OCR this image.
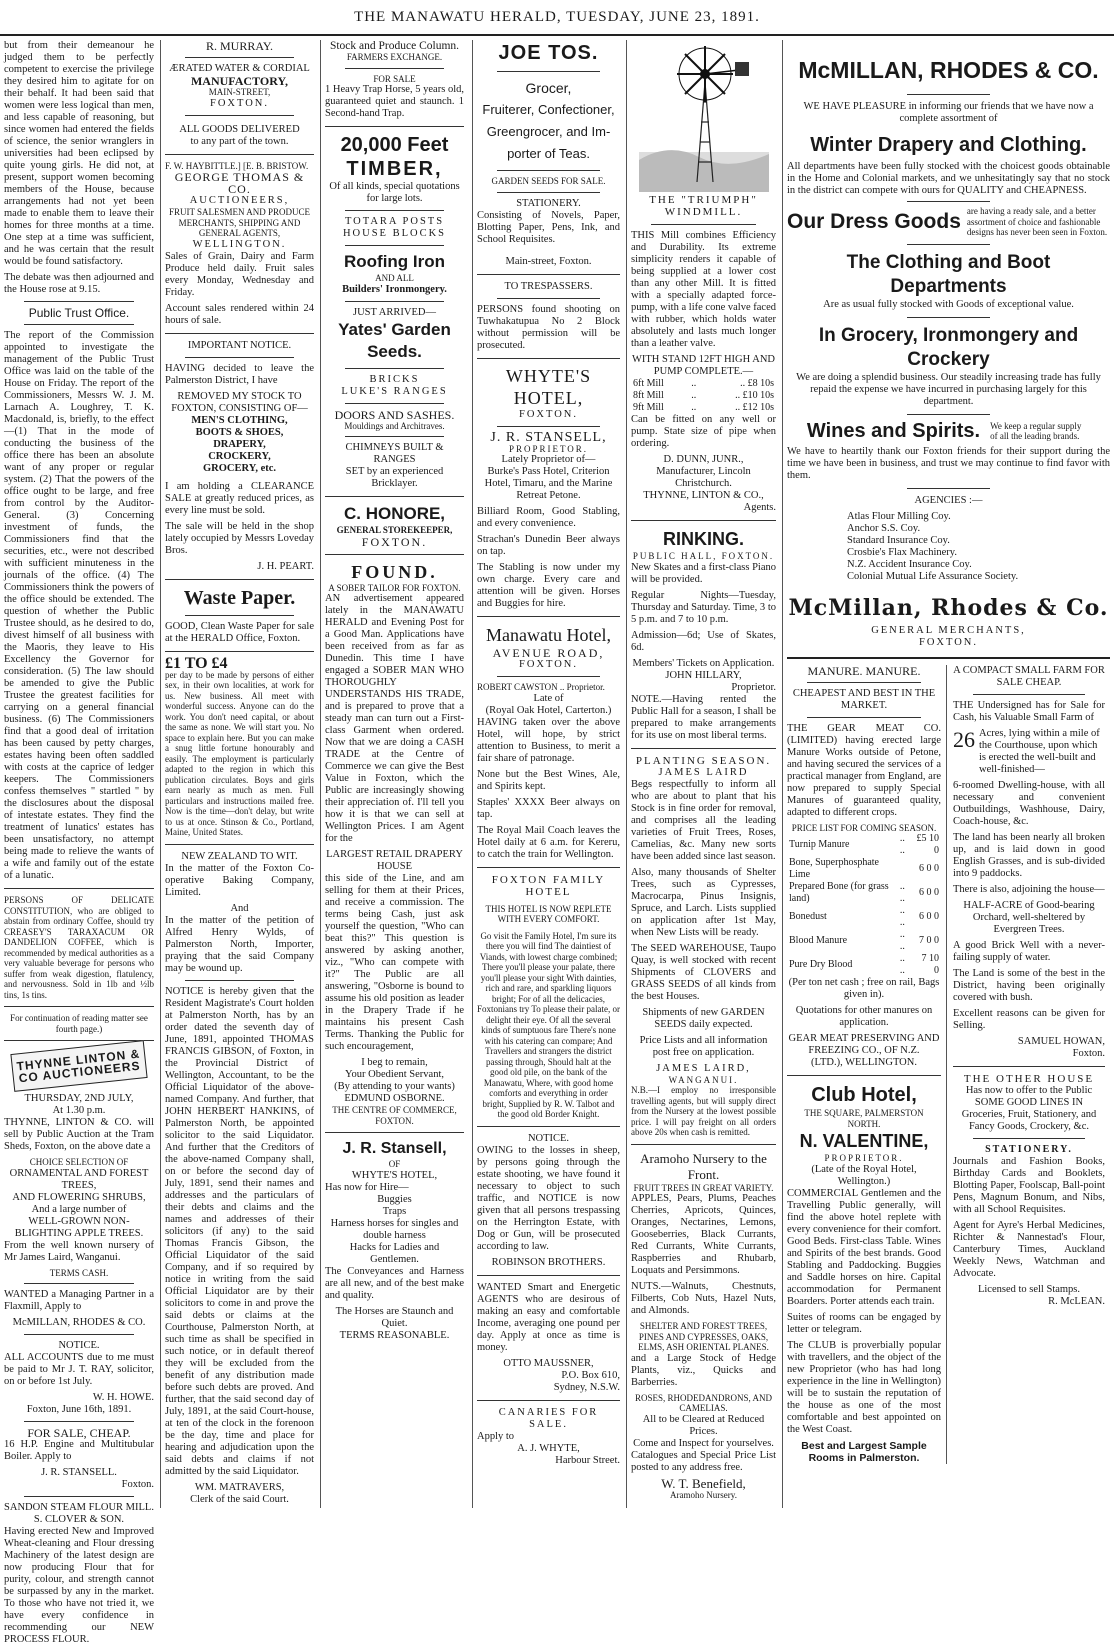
THE MANAWATU HERALD, TUESDAY, JUNE 23, 1891.

but from their demeanour he judged them to be perfectly competent to exercise the privilege they desired him to agitate for on their behalf. It had been said that women were less logical than men, and less capable of reasoning, but since women had entered the fields of science, the senior wranglers in universities had been eclipsed by quite young girls. He did not, at present, support women becoming members of the House, because arrangements had not yet been made to enable them to leave their homes for three months at a time. One step at a time was sufficient, and he was certain that the result would be found satisfactory.

The debate was then adjourned and the House rose at 9.15.

Public Trust Office.

The report of the Commission appointed to investigate the management of the Public Trust Office was laid on the table of the House on Friday. The report of the Commissioners, Messrs W. J. M. Larnach A. Loughrey, T. K. Macdonald, is, briefly, to the effect—(1) That in the mode of conducting the business of the office there has been an absolute want of any proper or regular system. (2) That the powers of the office ought to be large, and free from control by the Auditor-General. (3) Concerning investment of funds, the Commissioners find that the securities, etc., were not described with sufficient minuteness in the journals of the office. (4) The Commissioners think the powers of the office should be extended. The question of whether the Public Trustee should, as he desired to do, divest himself of all business with the Maoris, they leave to His Excellency the Governor for consideration. (5) The law should be amended to give the Public Trustee the greatest facilities for carrying on a general financial business. (6) The Commissioners find that a good deal of irritation has been caused by petty charges, estates having been often saddled with costs at the caprice of ledger keepers. The Commissioners confess themselves " startled " by the disclosures about the disposal of intestate estates. They find the treatment of lunatics' estates has been unsatisfactory, no attempt being made to relieve the wants of a wife and family out of the estate of a lunatic.

PERSONS OF DELICATE CONSTITUTION, who are obliged to abstain from ordinary Coffee, should try CREASEY'S TARAXACUM OR DANDELION COFFEE, which is recommended by medical authorities as a very valuable beverage for persons who suffer from weak digestion, flatulency, and nervousness. Sold in 1lb and ½lb tins, 1s tins.

For continuation of reading matter see fourth page.)

THYNNE LINTON & CO AUCTIONEERS
THURSDAY, 2ND JULY,
At 1.30 p.m.

THYNNE, LINTON & CO. will sell by Public Auction at the Tram Sheds, Foxton, on the above date a

CHOICE SELECTION OF
ORNAMENTAL AND FOREST TREES,
AND FLOWERING SHRUBS,
And a large number of
WELL-GROWN NON-BLIGHTING APPLE TREES.

From the well known nursery of Mr James Laird, Wanganui.

TERMS CASH.

WANTED a Managing Partner in a Flaxmill, Apply to

McMILLAN, RHODES & CO.
NOTICE.

ALL ACCOUNTS due to me must be paid to Mr J. T. RAY, solicitor, on or before 1st July.

W. H. HOWE.
Foxton, June 16th, 1891.
FOR SALE, CHEAP.

16 H.P. Engine and Multitubular Boiler. Apply to

J. R. STANSELL.
Foxton.
SANDON STEAM FLOUR MILL.
S. CLOVER & SON.

Having erected New and Improved Wheat-cleaning and Flour dressing Machinery of the latest design are now producing Flour that for purity, colour, and strength cannot be surpassed by any in the market. To those who have not tried it, we have every confidence in recommending our NEW PROCESS FLOUR.

R. MURRAY.
ÆRATED WATER & CORDIAL
MANUFACTORY,
MAIN-STREET,
FOXTON.
ALL GOODS DELIVERED
to any part of the town.
F. W. HAYBITTLE.] [E. B. BRISTOW.
GEORGE THOMAS & CO.
AUCTIONEERS,
FRUIT SALESMEN AND PRODUCE MERCHANTS, SHIPPING AND GENERAL AGENTS,
WELLINGTON.

Sales of Grain, Dairy and Farm Produce held daily. Fruit sales every Monday, Wednesday and Friday.

Account sales rendered within 24 hours of sale.

IMPORTANT NOTICE.

HAVING decided to leave the Palmerston District, I have

REMOVED MY STOCK TO
FOXTON, CONSISTING OF—
MEN'S CLOTHING,
BOOTS & SHOES,
DRAPERY,
CROCKERY,
GROCERY, etc.

I am holding a CLEARANCE SALE at greatly reduced prices, as every line must be sold.

The sale will be held in the shop lately occupied by Messrs Loveday Bros.

J. H. PEART.
Waste Paper.

GOOD, Clean Waste Paper for sale at the HERALD Office, Foxton.

£1 TO £4

per day to be made by persons of either sex, in their own localities, at work for us. New business. All meet with wonderful success. Anyone can do the work. You don't need capital, or about the same as none. We will start you. No space to explain here. But you can make a snug little fortune honourably and easily. The employment is particularly adapted to the region in which this publication circulates. Boys and girls earn nearly as much as men. Full particulars and instructions mailed free. Now is the time—don't delay, but write to us at once. Stinson & Co., Portland, Maine, United States.

NEW ZEALAND TO WIT.

In the matter of the Foxton Co-operative Baking Company, Limited.

And

In the matter of the petition of Alfred Henry Wylds, of Palmerston North, Importer, praying that the said Company may be wound up.

NOTICE is hereby given that the Resident Magistrate's Court holden at Palmerston North, has by an order dated the seventh day of June, 1891, appointed THOMAS FRANCIS GIBSON, of Foxton, in the Provincial District of Wellington, Accountant, to be the Official Liquidator of the above-named Company. And further, that JOHN HERBERT HANKINS, of Palmerston North, be appointed solicitor to the said Liquidator. And further that the Creditors of the above-named Company shall, on or before the second day of July, 1891, send their names and addresses and the particulars of their debts and claims and the names and addresses of their solicitors (if any) to the said Thomas Francis Gibson, the Official Liquidator of the said Company, and if so required by notice in writing from the said Official Liquidator are by their solicitors to come in and prove the said debts or claims at the Courthouse, Palmerston North, at such time as shall be specified in such notice, or in default thereof they will be excluded from the benefit of any distribution made before such debts are proved. And further, that the said second day of July, 1891, at the said Court-house, at ten of the clock in the forenoon be the day, time and place for hearing and adjudication upon the said debts and claims if not admitted by the said Liquidator.

WM. MATRAVERS,
Clerk of the said Court.
Stock and Produce Column.
FARMERS EXCHANGE.
FOR SALE

1 Heavy Trap Horse, 5 years old, guaranteed quiet and staunch. 1 Second-hand Trap.

20,000 Feet
TIMBER,

Of all kinds, special quotations for large lots.

TOTARA POSTS
HOUSE BLOCKS
Roofing Iron
AND ALL
Builders' Ironmongery.
JUST ARRIVED—
Yates' Garden
Seeds.
BRICKS
LUKE'S RANGES
DOORS AND SASHES.
Mouldings and Architraves.
CHIMNEYS BUILT & RANGES
SET by an experienced Bricklayer.
C. HONORE,
GENERAL STOREKEEPER,
FOXTON.
FOUND.
A SOBER TAILOR FOR FOXTON.

AN advertisement appeared lately in the MANAWATU HERALD and Evening Post for a Good Man. Applications have been received from as far as Dunedin. This time I have engaged a SOBER MAN WHO THOROUGHLY UNDERSTANDS HIS TRADE, and is prepared to prove that a steady man can turn out a First-class Garment when ordered. Now that we are doing a CASH TRADE at the Centre of Commerce we can give the Best Value in Foxton, which the Public are increasingly showing their appreciation of. I'll tell you how it is that we can sell at Wellington Prices. I am Agent for the

LARGEST RETAIL DRAPERY HOUSE

this side of the Line, and am selling for them at their Prices, and receive a commission. The terms being Cash, just ask yourself the question, "Who can beat this?" This question is answered by asking another, viz., "Who can compete with it?" The Public are all answering, "Osborne is bound to assume his old position as leader in the Drapery Trade if he maintains his present Cash Terms. Thanking the Public for such encouragement,

I beg to remain,
Your Obedient Servant,
(By attending to your wants)
EDMUND OSBORNE.
THE CENTRE OF COMMERCE, FOXTON.
J. R. Stansell,
OF
WHYTE'S HOTEL,
Has now for Hire—
Buggies
Traps
Harness horses for singles and double harness
Hacks for Ladies and Gentlemen.

The Conveyances and Harness are all new, and of the best make and quality.

The Horses are Staunch and Quiet.
TERMS REASONABLE.
JOE TOS.
Grocer,
Fruiterer, Confectioner,
Greengrocer, and Im-
porter of Teas.
GARDEN SEEDS FOR SALE.
STATIONERY.

Consisting of Novels, Paper, Blotting Paper, Pens, Ink, and School Requisites.

Main-street, Foxton.
TO TRESPASSERS.

PERSONS found shooting on Tuwhakatupua No 2 Block without permission will be prosecuted.

WHYTE'S HOTEL,
FOXTON.
J. R. STANSELL,
PROPRIETOR.
Lately Proprietor of—

Burke's Pass Hotel, Criterion Hotel, Timaru, and the Marine Retreat Petone.

Billiard Room, Good Stabling, and every convenience.

Strachan's Dunedin Beer always on tap.

The Stabling is now under my own charge. Every care and attention will be given. Horses and Buggies for hire.

Manawatu Hotel,
AVENUE ROAD,
FOXTON.
ROBERT CAWSTON .. Proprietor.
Late of
(Royal Oak Hotel, Carterton.)

HAVING taken over the above Hotel, will hope, by strict attention to Business, to merit a fair share of patronage.

None but the Best Wines, Ale, and Spirits kept.

Staples' XXXX Beer always on tap.

The Royal Mail Coach leaves the Hotel daily at 6 a.m. for Kereru, to catch the train for Wellington.

FOXTON FAMILY HOTEL
THIS HOTEL IS NOW REPLETE WITH EVERY COMFORT.

Go visit the Family Hotel, I'm sure its there you will find The daintiest of Viands, with lowest charge combined; There you'll please your palate, there you'll please your sight With dainties, rich and rare, and sparkling liquors bright; For of all the delicacies, Foxtonians try To please their palate, or delight their eye. Of all the several kinds of sumptuous fare There's none with his catering can compare; And Travellers and strangers the district passing through, Should halt at the good old pile, on the bank of the Manawatu, Where, with good home comforts and everything in order bright, Supplied by R. W. Talbot and the good old Border Knight.

NOTICE.

OWING to the losses in sheep, by persons going through the estate shooting, we have found it necessary to object to such traffic, and NOTICE is now given that all persons trespassing on the Herrington Estate, with Dog or Gun, will be prosecuted according to law.

ROBINSON BROTHERS.

WANTED Smart and Energetic AGENTS who are desirous of making an easy and comfortable Income, averaging one pound per day. Apply at once as time is money.

OTTO MAUSSNER,
P.O. Box 610,
Sydney, N.S.W.
CANARIES FOR SALE.
Apply to
A. J. WHYTE,
Harbour Street.
THE "TRIUMPH"
WINDMILL.

THIS Mill combines Efficiency and Durability. Its extreme simplicity renders it capable of being supplied at a lower cost than any other Mill. It is fitted with a specially adapted force-pump, with a life cone valve faced with rubber, which holds water absolutely and lasts much longer than a leather valve.

WITH STAND 12FT HIGH AND PUMP COMPLETE.—
6ft Mill	..	.. £8 10s
8ft Mill	..	.. £10 10s
9ft Mill	..	.. £12 10s

Can be fitted on any well or pump. State size of pipe when ordering.

D. DUNN, JUNR.,
Manufacturer, Lincoln Christchurch.
THYNNE, LINTON & CO.,
Agents.
RINKING.
PUBLIC HALL, FOXTON.

New Skates and a first-class Piano will be provided.

Regular Nights—Tuesday, Thursday and Saturday. Time, 3 to 5 p.m. and 7 to 10 p.m.

Admission—6d; Use of Skates, 6d.

Members' Tickets on Application.
JOHN HILLARY,
Proprietor.

NOTE.—Having rented the Public Hall for a season, I shall be prepared to make arrangements for its use on most liberal terms.

PLANTING SEASON.
JAMES LAIRD

Begs respectfully to inform all who are about to plant that his Stock is in fine order for removal, and comprises all the leading varieties of Fruit Trees, Roses, Camelias, &c. Many new sorts have been added since last season.

Also, many thousands of Shelter Trees, such as Cypresses, Macrocarpa, Pinus Insignis, Spruce, and Larch. Lists supplied on application after 1st May, when New Lists will be ready.

The SEED WAREHOUSE, Taupo Quay, is well stocked with recent Shipments of CLOVERS and GRASS SEEDS of all kinds from the best Houses.

Shipments of new GARDEN SEEDS daily expected.

Price Lists and all information post free on application.

JAMES LAIRD,
WANGANUI.

N.B.—I employ no irresponsible travelling agents, but will supply direct from the Nursery at the lowest possible price. I will pay freight on all orders above 20s when cash is remitted.

Aramoho Nursery to the Front.
FRUIT TREES IN GREAT VARIETY.

APPLES, Pears, Plums, Peaches Cherries, Apricots, Quinces, Oranges, Nectarines, Lemons, Gooseberries, Black Currants, Red Currants, White Currants, Raspberries and Rhubarb, Loquats and Persimmons.

NUTS.—Walnuts, Chestnuts, Filberts, Cob Nuts, Hazel Nuts, and Almonds.

SHELTER AND FOREST TREES, PINES AND CYPRESSES, OAKS, ELMS, ASH ORIENTAL PLANES.

and a Large Stock of Hedge Plants, viz., Quicks and Barberries.

ROSES, RHODEDANDRONS, AND CAMELIAS.
All to be Cleared at Reduced Prices.
Come and Inspect for yourselves.

Catalogues and Special Price List posted to any address free.

W. T. Benefield,
Aramoho Nursery.
McMILLAN, RHODES & CO.

WE HAVE PLEASURE in informing our friends that we have now a complete assortment of

Winter Drapery and Clothing.

All departments have been fully stocked with the choicest goods obtainable in the Home and Colonial markets, and we unhesitatingly say that no stock in the district can compete with ours for QUALITY and CHEAPNESS.

Our Dress Goods are having a ready sale, and a better assortment of choice and fashionable designs has never been seen in Foxton.
The Clothing and Boot Departments
Are as usual fully stocked with Goods of exceptional value.
In Grocery, Ironmongery and Crockery

We are doing a splendid business. Our steadily increasing trade has fully repaid the expense we have incurred in purchasing largely for this department.

Wines and Spirits. We keep a regular supply of all the leading brands.

We have to heartily thank our Foxton friends for their support during the time we have been in business, and trust we may continue to find favor with them.

AGENCIES :—
Atlas Flour Milling Coy.
Anchor S.S. Coy.
Standard Insurance Coy.
Crosbie's Flax Machinery.
N.Z. Accident Insurance Coy.
Colonial Mutual Life Assurance Society.
McMillan, Rhodes & Co.
GENERAL MERCHANTS,
FOXTON.
MANURE. MANURE.
CHEAPEST AND BEST IN THE MARKET.

THE GEAR MEAT CO. (LIMITED) having erected large Manure Works outside of Petone, and having secured the services of a practical manager from England, are now prepared to supply Special Manures of guaranteed quality, adapted to different crops.

PRICE LIST FOR COMING SEASON.
Turnip Manure	.. ..	£5 10 0
Bone, Superphosphate Lime		6 0 0
Prepared Bone (for grass land)	.. ..	6 0 0
Bonedust	.. ..	6 0 0
Blood Manure	.. ..	7 0 0
Pure Dry Blood	.. ..	7 10 0

(Per ton net cash ; free on rail, Bags given in).

Quotations for other manures on application.

GEAR MEAT PRESERVING AND FREEZING CO., OF N.Z.
(LTD.), WELLINGTON.
Club Hotel,
THE SQUARE, PALMERSTON NORTH.
N. VALENTINE,
PROPRIETOR.
(Late of the Royal Hotel, Wellington.)

COMMERCIAL Gentlemen and the Travelling Public generally, will find the above hotel replete with every convenience for their comfort. Good Beds. First-class Table. Wines and Spirits of the best brands. Good Stabling and Paddocking. Buggies and Saddle horses on hire. Capital accommodation for Permanent Boarders. Porter attends each train.

Suites of rooms can be engaged by letter or telegram.

The CLUB is proverbially popular with travellers, and the object of the new Proprietor (who has had long experience in the line in Wellington) will be to sustain the reputation of the house as one of the most comfortable and best appointed on the West Coast.

Best and Largest Sample Rooms in Palmerston.
A COMPACT SMALL FARM FOR SALE CHEAP.

THE Undersigned has for Sale for Cash, his Valuable Small Farm of

26 Acres, lying within a mile of the Courthouse, upon which is erected the well-built and well-finished—

6-roomed Dwelling-house, with all necessary and convenient Outbuildings, Washhouse, Dairy, Coach-house, &c.

The land has been nearly all broken up, and is laid down in good English Grasses, and is sub-divided into 9 paddocks.

There is also, adjoining the house—

HALF-ACRE of Good-bearing Orchard, well-sheltered by Evergreen Trees.

A good Brick Well with a never-failing supply of water.

The Land is some of the best in the District, having been originally covered with bush.

Excellent reasons can be given for Selling.

SAMUEL HOWAN,
Foxton.
THE OTHER HOUSE

Has now to offer to the Public SOME GOOD LINES IN Groceries, Fruit, Stationery, and Fancy Goods, Crockery, &c.

STATIONERY.

Journals and Fashion Books, Birthday Cards and Booklets, Blotting Paper, Foolscap, Ball-point Pens, Magnum Bonum, and Nibs, with all School Requisites.

Agent for Ayre's Herbal Medicines, Richter & Nannestad's Flour, Canterbury Times, Auckland Weekly News, Watchman and Advocate.

Licensed to sell Stamps.
R. McLEAN.
